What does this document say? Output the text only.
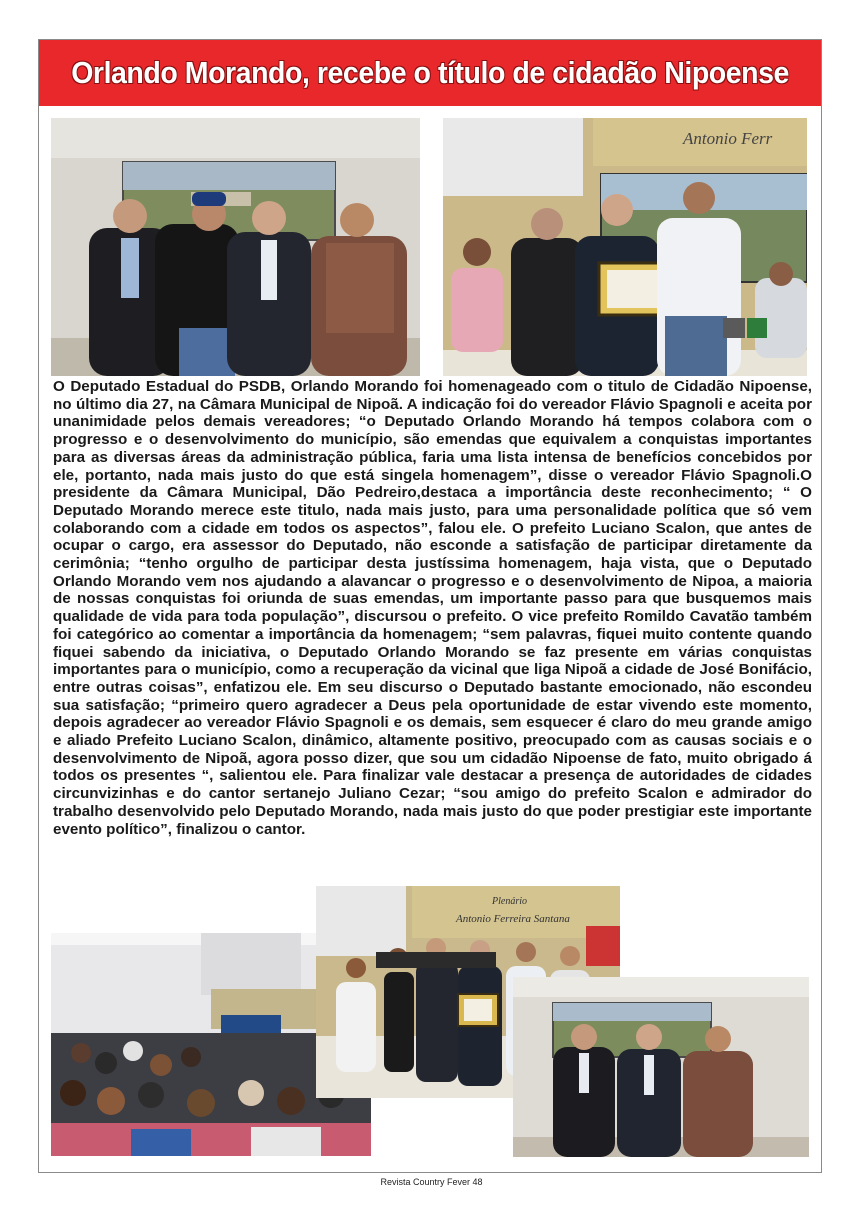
Orlando Morando, recebe o título de cidadão Nipoense
Antonio Ferr

O Deputado Estadual do PSDB, Orlando Morando foi homenageado com o titulo de Cidadão Nipoense, no último dia 27, na Câmara Municipal de Nipoã. A indicação foi do vereador Flávio Spagnoli e aceita por unanimidade pelos demais vereadores; “o Deputado Orlando Morando há tempos colabora com o progresso e o desenvolvimento do município, são emendas que equivalem a conquistas importantes para as diversas áreas da administração pública, faria uma lista intensa de benefícios concebidos por ele, portanto, nada mais justo do que está singela homenagem”, disse o vereador Flávio Spagnoli.O presidente da Câmara Municipal, Dão Pedreiro,destaca a importância deste reconhecimento; “ O Deputado Morando merece este titulo, nada mais justo, para uma personalidade política que só vem colaborando com a cidade em todos os aspectos”, falou ele. O prefeito Luciano Scalon, que antes de ocupar o cargo, era assessor do Deputado, não esconde a satisfação de participar diretamente da cerimônia; “tenho orgulho de participar desta justíssima homenagem, haja vista, que o Deputado Orlando Morando vem nos ajudando a alavancar o progresso e o desenvolvimento de Nipoa, a maioria de nossas conquistas foi oriunda de suas emendas, um importante passo para que busquemos mais qualidade de vida para toda população”, discursou o prefeito. O vice prefeito Romildo Cavatão também foi categórico ao comentar a importância da homenagem; “sem palavras, fiquei muito contente quando fiquei sabendo da iniciativa, o Deputado Orlando Morando se faz presente em várias conquistas importantes para o município, como a recuperação da vicinal que liga Nipoã a cidade de José Bonifácio, entre outras coisas”, enfatizou ele. Em seu discurso o Deputado bastante emocionado, não escondeu sua satisfação; “primeiro quero agradecer a Deus pela oportunidade de estar vivendo este momento, depois agradecer ao vereador Flávio Spagnoli e os demais, sem esquecer é claro do meu grande amigo e aliado Prefeito Luciano Scalon, dinâmico, altamente positivo, preocupado com as causas sociais e o desenvolvimento de Nipoã, agora posso dizer, que sou um cidadão Nipoense de fato, muito obrigado á todos os presentes “, salientou ele. Para finalizar vale destacar a presença de autoridades de cidades circunvizinhas e do cantor sertanejo Juliano Cezar; “sou amigo do prefeito Scalon e admirador do trabalho desenvolvido pelo Deputado Morando, nada mais justo do que poder prestigiar este importante evento político”, finalizou o cantor.

Plenário
Antonio Ferreira Santana
Revista Country Fever 48
